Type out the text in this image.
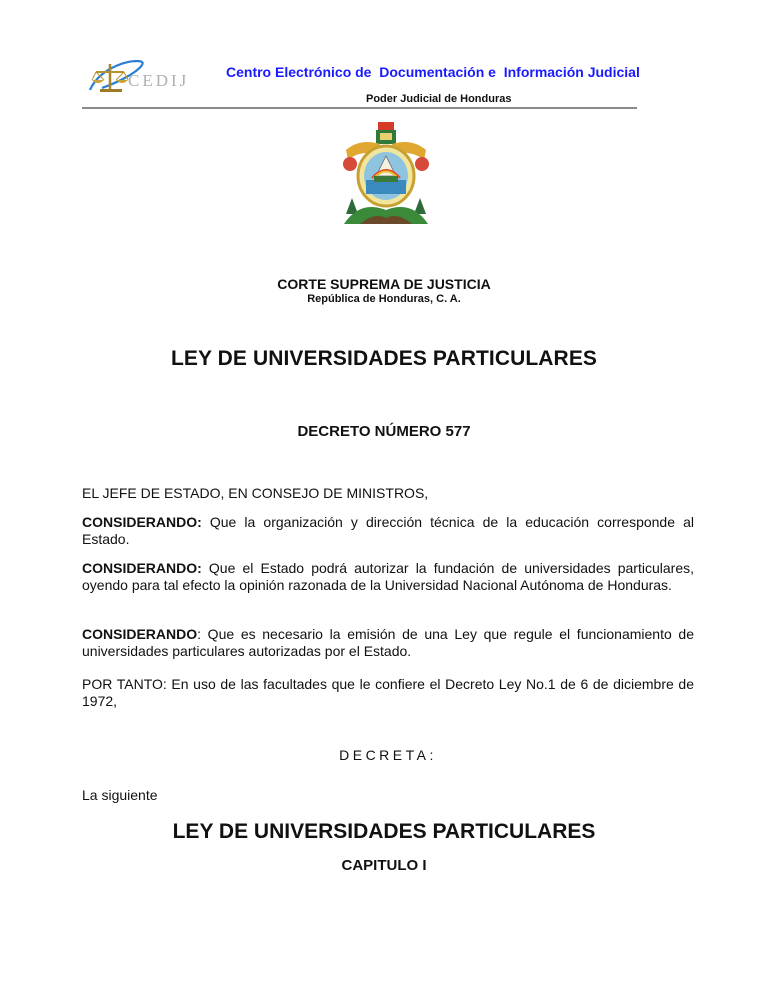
CEDIJ	Centro Electrónico de  Documentación e  Información Judicial
Poder Judicial de Honduras
CORTE SUPREMA DE JUSTICIA
República de Honduras, C. A.
LEY DE UNIVERSIDADES PARTICULARES
DECRETO NÚMERO 577
EL JEFE DE ESTADO, EN CONSEJO DE MINISTROS,
CONSIDERANDO: Que la organización y dirección técnica de la educación corresponde al Estado.
CONSIDERANDO: Que el Estado podrá autorizar la fundación de universidades particulares, oyendo para tal efecto la opinión razonada de la Universidad Nacional Autónoma de Honduras.
CONSIDERANDO: Que es necesario la emisión de una Ley que regule el funcionamiento de universidades particulares autorizadas por el Estado.
POR TANTO: En uso de las facultades que le confiere el Decreto Ley No.1 de 6 de diciembre de 1972,
DECRETA:
La siguiente
LEY DE UNIVERSIDADES PARTICULARES
CAPITULO I
